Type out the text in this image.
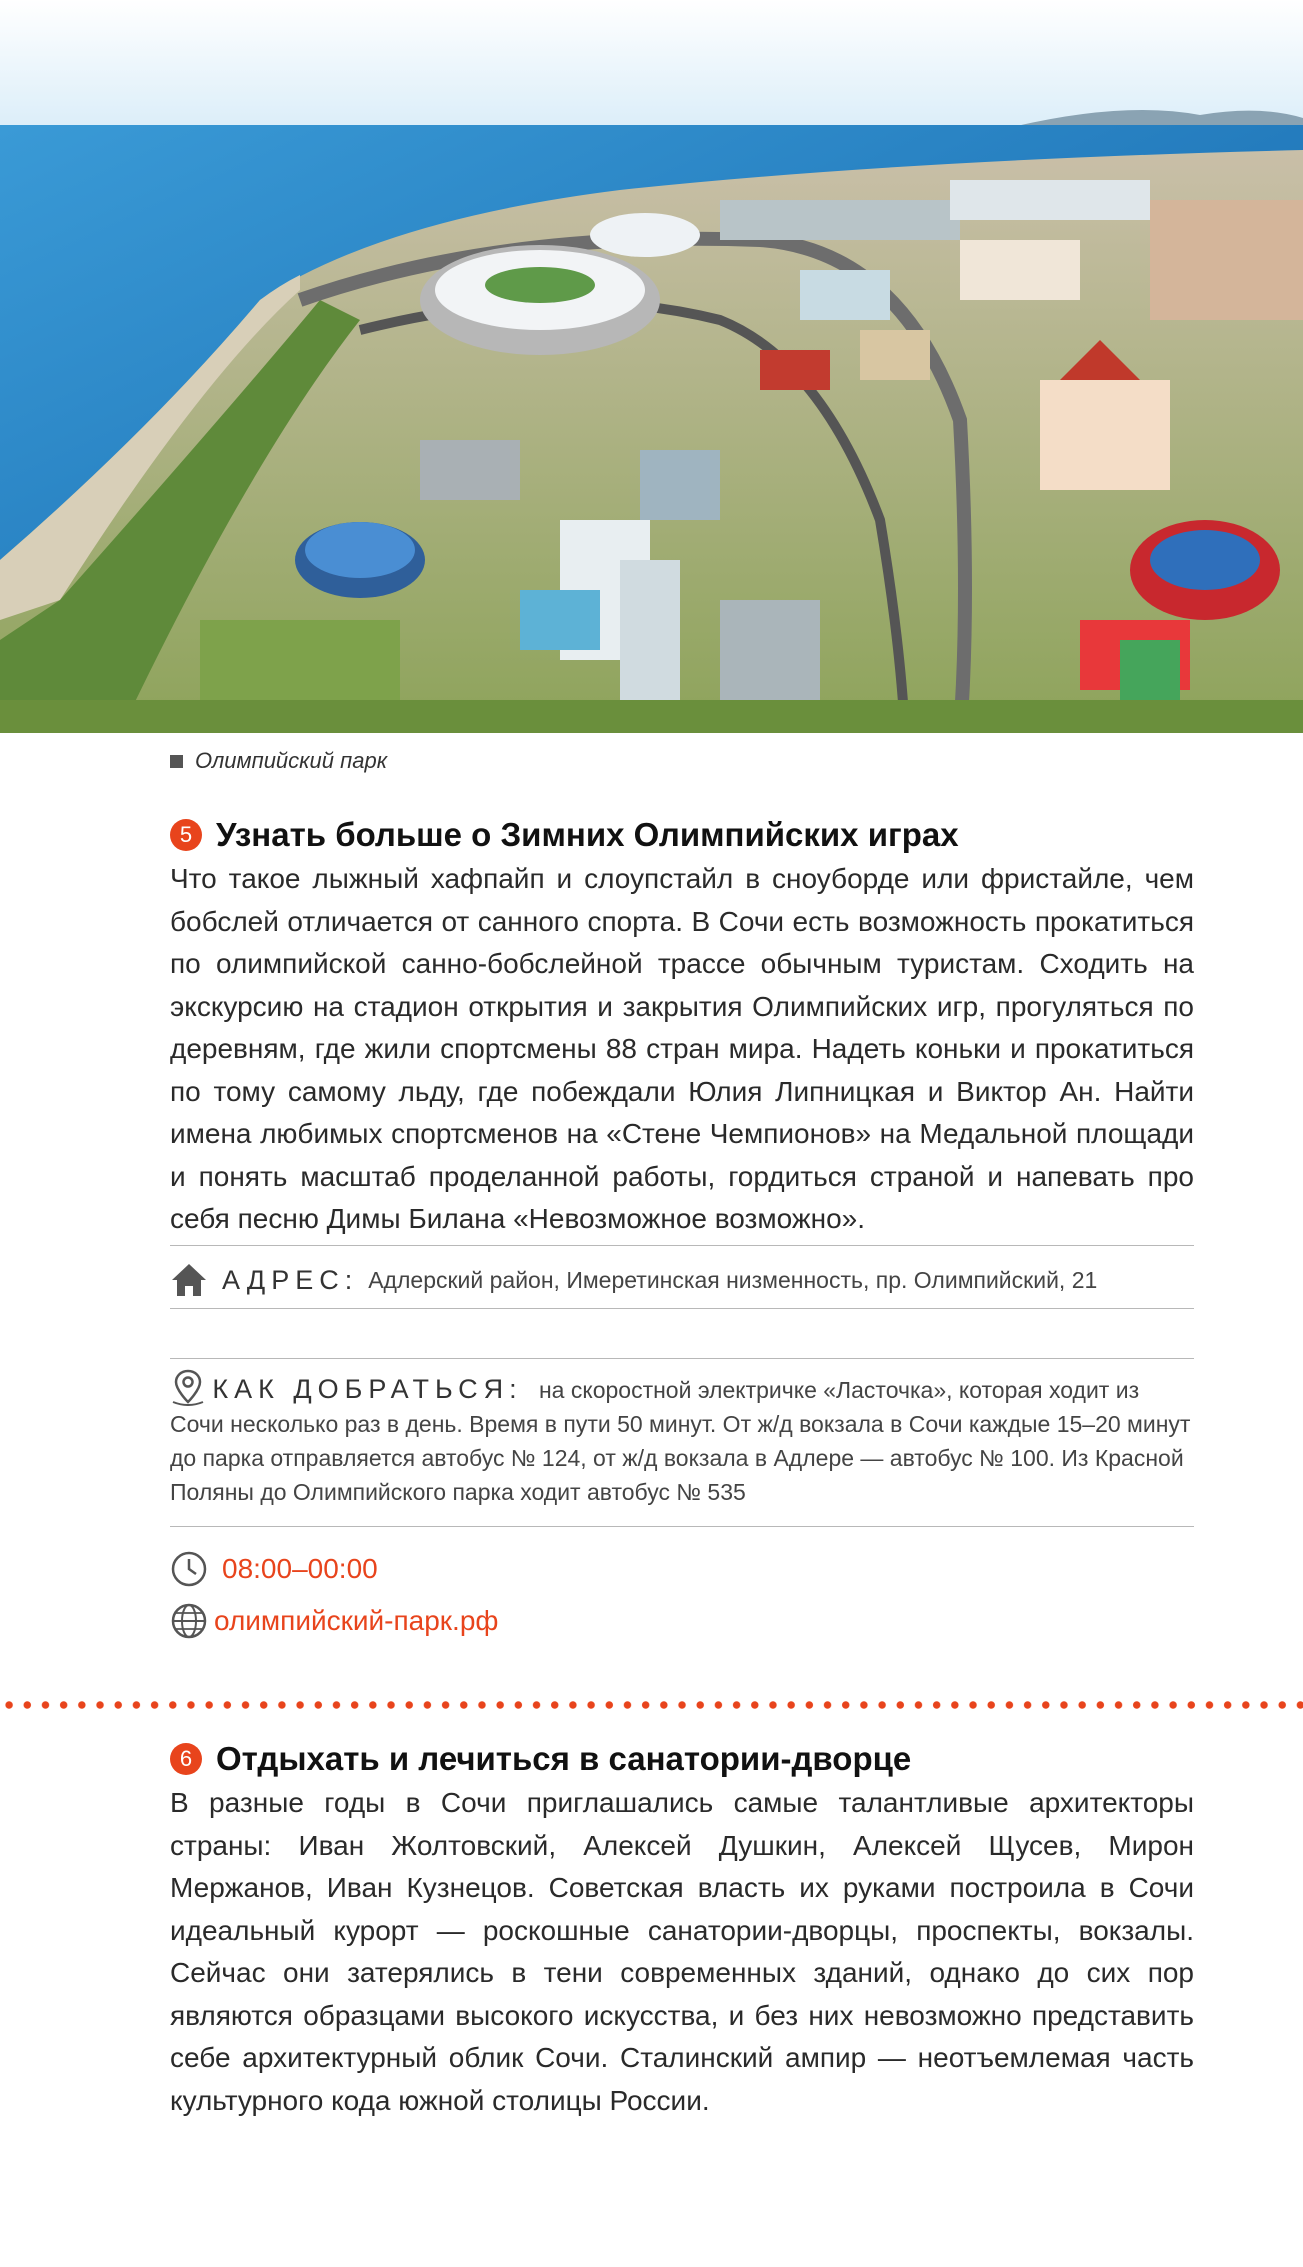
Олимпийский парк
5 Узнать больше о Зимних Олимпийских играх
Что такое лыжный хафпайп и слоупстайл в сноуборде или фристайле, чем бобслей отличается от санного спорта. В Сочи есть возможность прокатиться по олимпийской санно-бобслейной трассе обычным туристам. Сходить на экскурсию на стадион открытия и закрытия Олимпийских игр, прогуляться по деревням, где жили спортсмены 88 стран мира. Надеть коньки и прокатиться по тому самому льду, где побеждали Юлия Липницкая и Виктор Ан. Найти имена любимых спортсменов на «Стене Чемпионов» на Медальной площади и понять масштаб проделанной работы, гордиться страной и напевать про себя песню Димы Билана «Невозможное возможно».
АДРЕС: Адлерский район, Имеретинская низменность, пр. Олимпийский, 21
КАК ДОБРАТЬСЯ: на скоростной электричке «Ласточка», которая ходит из Сочи несколько раз в день. Время в пути 50 минут. От ж/д вокзала в Сочи каждые 15–20 минут до парка отправляется автобус № 124, от ж/д вокзала в Адлере — автобус № 100. Из Красной Поляны до Олимпийского парка ходит автобус № 535
08:00–00:00
олимпийский-парк.рф
6 Отдыхать и лечиться в санатории-дворце
В разные годы в Сочи приглашались самые талантливые архитекторы страны: Иван Жолтовский, Алексей Душкин, Алексей Щусев, Мирон Мержанов, Иван Кузнецов. Советская власть их руками построила в Сочи идеальный курорт — роскошные санатории-дворцы, проспекты, вокзалы. Сейчас они затерялись в тени современных зданий, однако до сих пор являются образцами высокого искусства, и без них невозможно представить себе архитектурный облик Сочи. Сталинский ампир — неотъемлемая часть культурного кода южной столицы России.
